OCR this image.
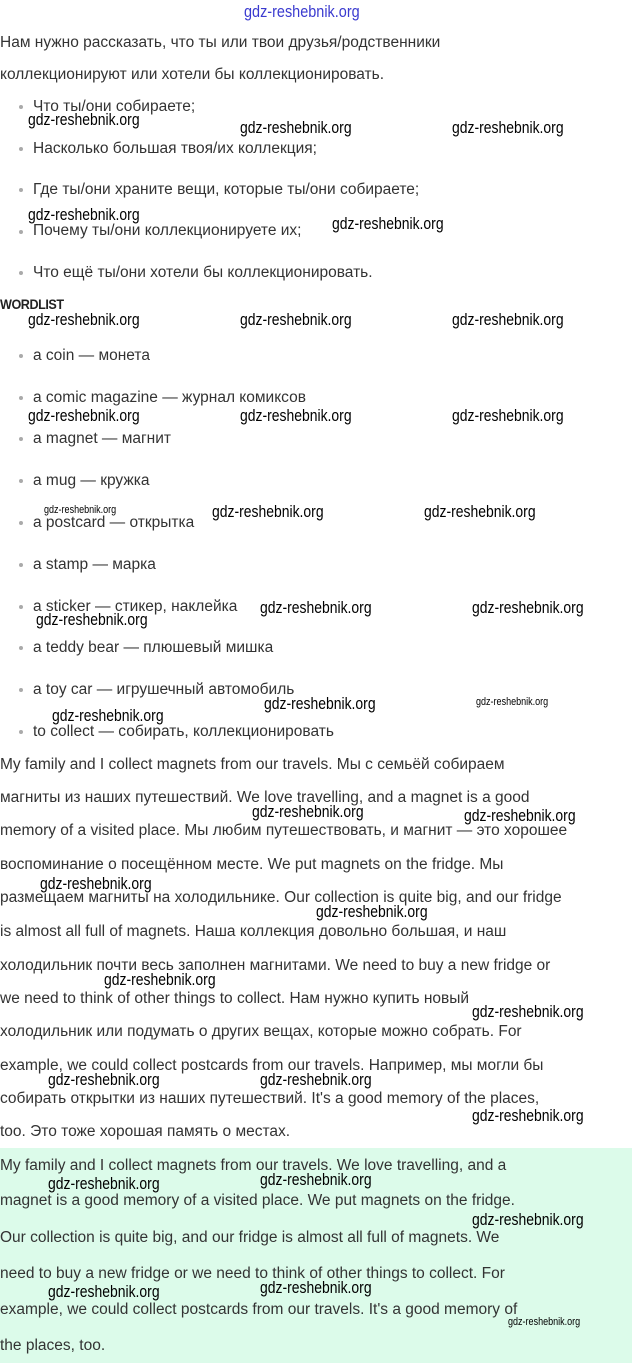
gdz-reshebnik.org
Нам нужно рассказать, что ты или твои друзья/родственники
коллекционируют или хотели бы коллекционировать.
Что ты/они собираете;
Насколько большая твоя/их коллекция;
Где ты/они храните вещи, которые ты/они собираете;
Почему ты/они коллекционируете их;
Что ещё ты/они хотели бы коллекционировать.
WORDLIST
a coin — монета
a comic magazine — журнал комиксов
a magnet — магнит
a mug — кружка
a postcard — открытка
a stamp — марка
a sticker — стикер, наклейка
a teddy bear — плюшевый мишка
a toy car — игрушечный автомобиль
to collect — собирать, коллекционировать
My family and I collect magnets from our travels. Мы с семьёй собираем
магниты из наших путешествий. We love travelling, and a magnet is a good
memory of a visited place. Мы любим путешествовать, и магнит — это хорошее
воспоминание о посещённом месте. We put magnets on the fridge. Мы
размещаем магниты на холодильнике. Our collection is quite big, and our fridge
is almost all full of magnets. Наша коллекция довольно большая, и наш
холодильник почти весь заполнен магнитами. We need to buy a new fridge or
we need to think of other things to collect. Нам нужно купить новый
холодильник или подумать о других вещах, которые можно собрать. For
example, we could collect postcards from our travels. Например, мы могли бы
собирать открытки из наших путешествий. It's a good memory of the places,
too. Это тоже хорошая память о местах.
My family and I collect magnets from our travels. We love travelling, and a
magnet is a good memory of a visited place. We put magnets on the fridge.
Our collection is quite big, and our fridge is almost all full of magnets. We
need to buy a new fridge or we need to think of other things to collect. For
example, we could collect postcards from our travels. It's a good memory of
the places, too.
gdz-reshebnik.org	gdz-reshebnik.org	gdz-reshebnik.org
gdz-reshebnik.org	gdz-reshebnik.org
gdz-reshebnik.org	gdz-reshebnik.org	gdz-reshebnik.org
gdz-reshebnik.org	gdz-reshebnik.org	gdz-reshebnik.org
gdz-reshebnik.org	gdz-reshebnik.org	gdz-reshebnik.org
gdz-reshebnik.org	gdz-reshebnik.org
gdz-reshebnik.org
gdz-reshebnik.org	gdz-reshebnik.org
gdz-reshebnik.org
gdz-reshebnik.org	gdz-reshebnik.org
gdz-reshebnik.org
gdz-reshebnik.org
gdz-reshebnik.org
gdz-reshebnik.org
gdz-reshebnik.org	gdz-reshebnik.org
gdz-reshebnik.org
gdz-reshebnik.org	gdz-reshebnik.org
gdz-reshebnik.org
gdz-reshebnik.org	gdz-reshebnik.org
gdz-reshebnik.org
